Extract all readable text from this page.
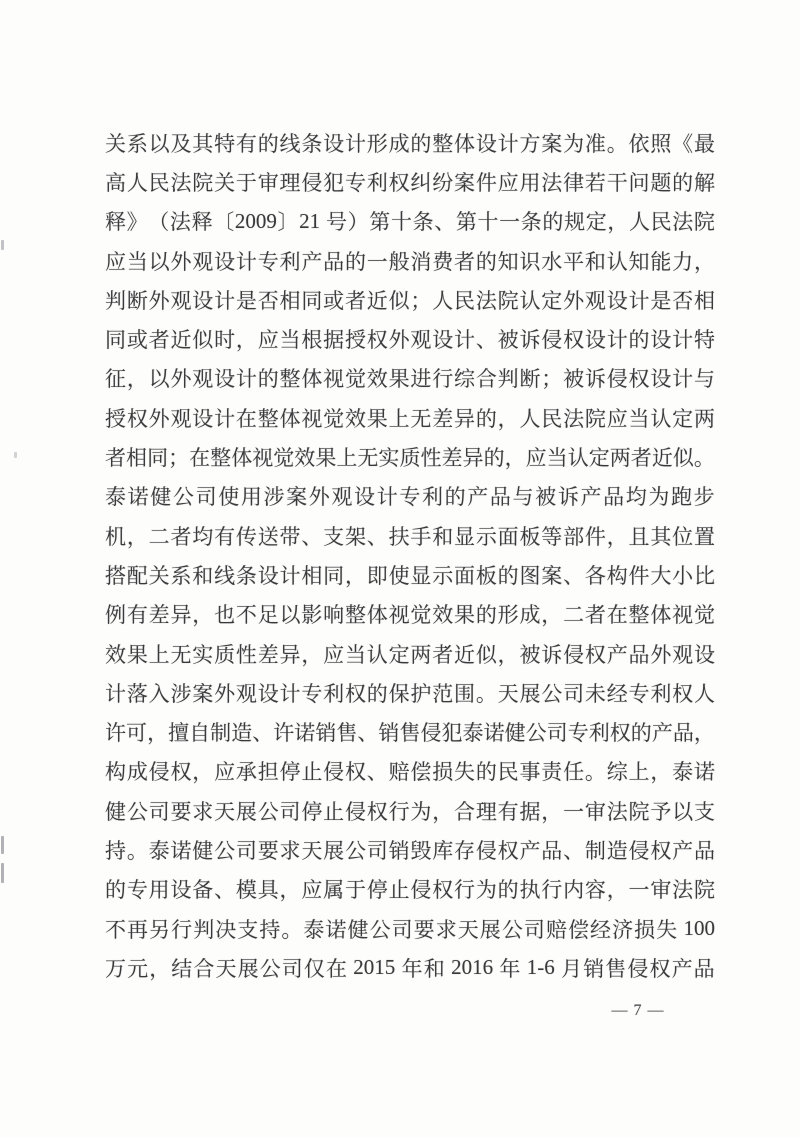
关 系 以 及 其 特 有 的 线 条 设 计 形 成 的 整 体 设 计 方 案 为 准 。 依 照 《 最
高 人 民 法 院 关 于 审 理 侵 犯 专 利 权 纠 纷 案 件 应 用 法 律 若 干 问 题 的 解
释 》 （ 法 释 〔 2009 〕 21 号 ） 第 十 条 、 第 十 一 条 的 规 定 ， 人 民 法 院
应 当 以 外 观 设 计 专 利 产 品 的 一 般 消 费 者 的 知 识 水 平 和 认 知 能 力 ，
判 断 外 观 设 计 是 否 相 同 或 者 近 似 ； 人 民 法 院 认 定 外 观 设 计 是 否 相
同 或 者 近 似 时 ， 应 当 根 据 授 权 外 观 设 计 、 被 诉 侵 权 设 计 的 设 计 特
征 ， 以 外 观 设 计 的 整 体 视 觉 效 果 进 行 综 合 判 断 ； 被 诉 侵 权 设 计 与
授 权 外 观 设 计 在 整 体 视 觉 效 果 上 无 差 异 的 ， 人 民 法 院 应 当 认 定 两
者 相 同 ； 在 整 体 视 觉 效 果 上 无 实 质 性 差 异 的 ， 应 当 认 定 两 者 近 似 。
泰 诺 健 公 司 使 用 涉 案 外 观 设 计 专 利 的 产 品 与 被 诉 产 品 均 为 跑 步
机 ， 二 者 均 有 传 送 带 、 支 架 、 扶 手 和 显 示 面 板 等 部 件 ， 且 其 位 置
搭 配 关 系 和 线 条 设 计 相 同 ， 即 使 显 示 面 板 的 图 案 、 各 构 件 大 小 比
例 有 差 异 ， 也 不 足 以 影 响 整 体 视 觉 效 果 的 形 成 ， 二 者 在 整 体 视 觉
效 果 上 无 实 质 性 差 异 ， 应 当 认 定 两 者 近 似 ， 被 诉 侵 权 产 品 外 观 设
计 落 入 涉 案 外 观 设 计 专 利 权 的 保 护 范 围 。 天 展 公 司 未 经 专 利 权 人
许 可 ， 擅 自 制 造 、 许 诺 销 售 、 销 售 侵 犯 泰 诺 健 公 司 专 利 权 的 产 品 ，
构 成 侵 权 ， 应 承 担 停 止 侵 权 、 赔 偿 损 失 的 民 事 责 任 。 综 上 ， 泰 诺
健 公 司 要 求 天 展 公 司 停 止 侵 权 行 为 ， 合 理 有 据 ， 一 审 法 院 予 以 支
持 。 泰 诺 健 公 司 要 求 天 展 公 司 销 毁 库 存 侵 权 产 品 、 制 造 侵 权 产 品
的 专 用 设 备 、 模 具 ， 应 属 于 停 止 侵 权 行 为 的 执 行 内 容 ， 一 审 法 院
不 再 另 行 判 决 支 持 。 泰 诺 健 公 司 要 求 天 展 公 司 赔 偿 经 济 损 失 100
万 元 ， 结 合 天 展 公 司 仅 在 2015 年 和 2016 年 1-6 月 销 售 侵 权 产 品
— 7 —
